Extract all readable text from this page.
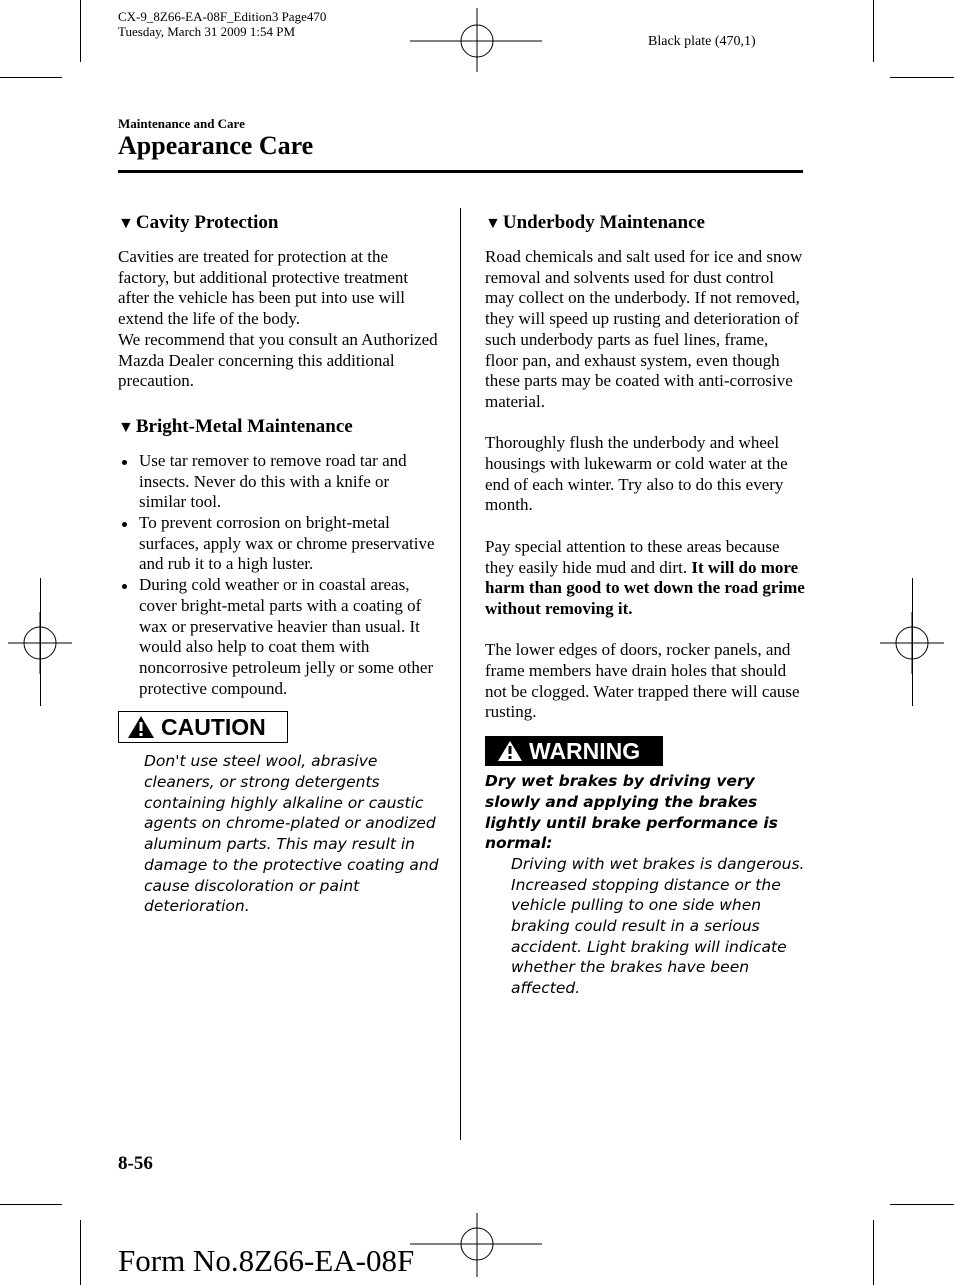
CX-9_8Z66-EA-08F_Edition3 Page470
Tuesday, March 31 2009 1:54 PM
Black plate (470,1)
Maintenance and Care
Appearance Care
▼ Cavity Protection

Cavities are treated for protection at the factory, but additional protective treatment after the vehicle has been put into use will extend the life of the body.

We recommend that you consult an Authorized Mazda Dealer concerning this additional precaution.

▼ Bright-Metal Maintenance
Use tar remover to remove road tar and insects. Never do this with a knife or similar tool.
To prevent corrosion on bright-metal surfaces, apply wax or chrome preservative and rub it to a high luster.
During cold weather or in coastal areas, cover bright-metal parts with a coating of wax or preservative heavier than usual. It would also help to coat them with noncorrosive petroleum jelly or some other protective compound.
CAUTION

Don't use steel wool, abrasive cleaners, or strong detergents containing highly alkaline or caustic agents on chrome-plated or anodized aluminum parts. This may result in damage to the protective coating and cause discoloration or paint deterioration.

▼ Underbody Maintenance

Road chemicals and salt used for ice and snow removal and solvents used for dust control may collect on the underbody. If not removed, they will speed up rusting and deterioration of such underbody parts as fuel lines, frame, floor pan, and exhaust system, even though these parts may be coated with anti-corrosive material.

Thoroughly flush the underbody and wheel housings with lukewarm or cold water at the end of each winter. Try also to do this every month.

Pay special attention to these areas because they easily hide mud and dirt. It will do more harm than good to wet down the road grime without removing it.

The lower edges of doors, rocker panels, and frame members have drain holes that should not be clogged. Water trapped there will cause rusting.

WARNING

Dry wet brakes by driving very slowly and applying the brakes lightly until brake performance is normal:

Driving with wet brakes is dangerous. Increased stopping distance or the vehicle pulling to one side when braking could result in a serious accident. Light braking will indicate whether the brakes have been affected.

8-56
Form No.8Z66-EA-08F
